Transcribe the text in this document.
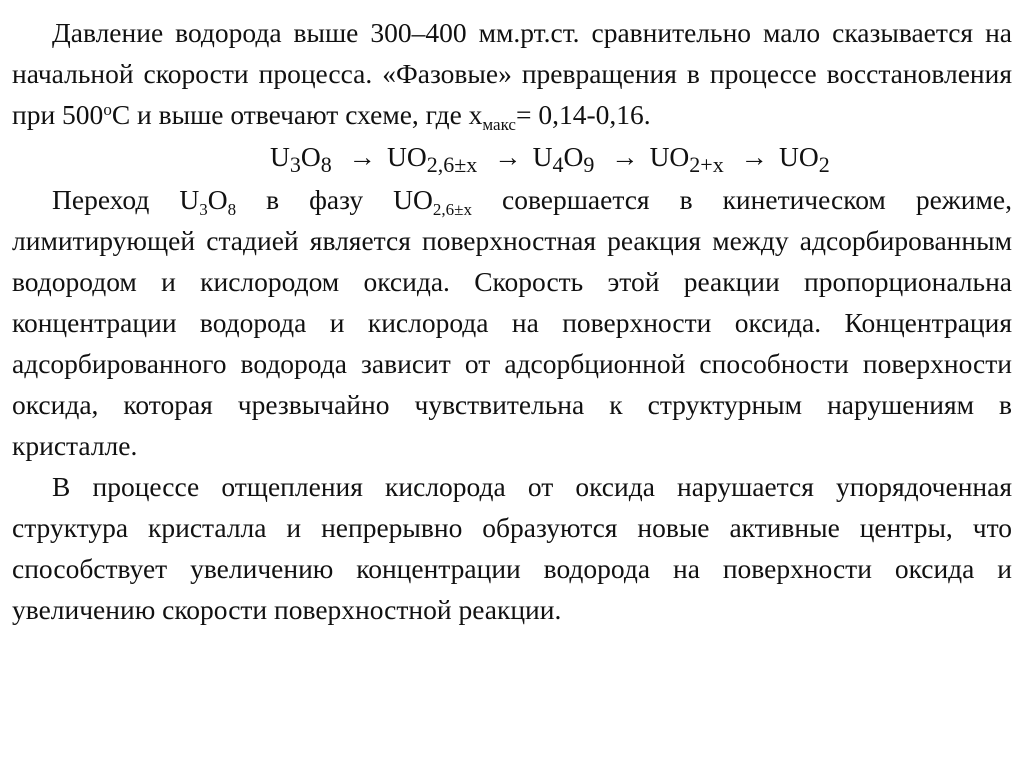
Давление водорода выше 300–400 мм.рт.ст. сравнительно мало сказывается на начальной скорости процесса. «Фазовые» превращения в процессе восстановления при 500$^o$С и выше отвечают схеме, где $x_{макс}= 0,14-0,16$.

$U_3O_8 \to UO_{2,6\pm x} \to U_4O_9 \to UO_{2+x} \to UO_2$

Переход $U_3O_8$ в фазу $UO_{2,6\pm x}$ совершается в кинетическом режиме, лимитирующей стадией является поверхностная реакция между адсорбированным водородом и кислородом оксида. Скорость этой реакции пропорциональна концентрации водорода и кислорода на поверхности оксида. Концентрация адсорбированного водорода зависит от адсорбционной способности поверхности оксида, которая чрезвычайно чувствительна к структурным нарушениям в кристалле.

В процессе отщепления кислорода от оксида нарушается упорядоченная структура кристалла и непрерывно образуются новые активные центры, что способствует увеличению концентрации водорода на поверхности оксида и увеличению скорости поверхностной реакции.
